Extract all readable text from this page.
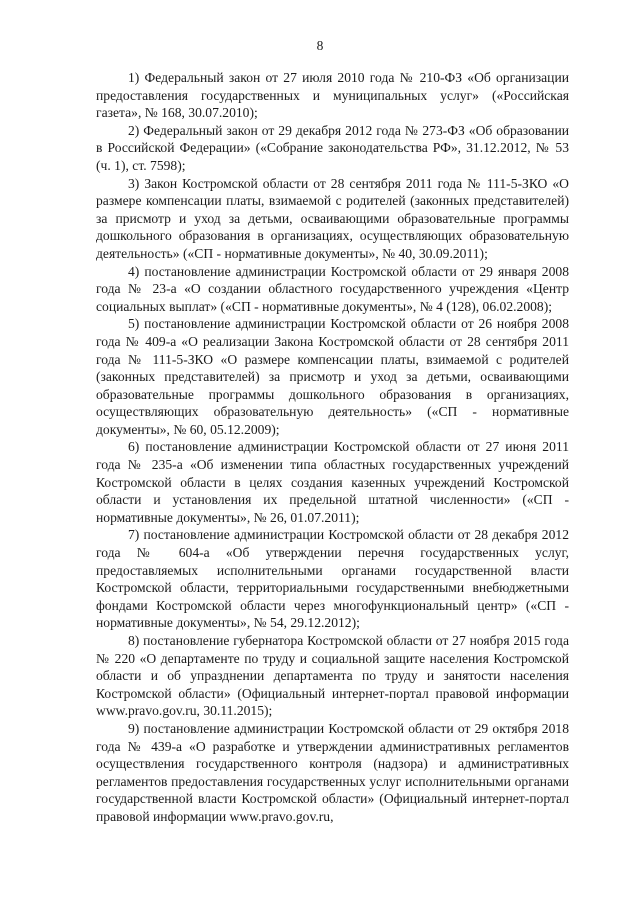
8

1) Федеральный закон от 27 июля 2010 года № 210-ФЗ «Об организации предоставления государственных и муниципальных услуг» («Российская газета», № 168, 30.07.2010);

2) Федеральный закон от 29 декабря 2012 года № 273-ФЗ «Об образовании в Российской Федерации» («Собрание законодательства РФ», 31.12.2012, № 53 (ч. 1), ст. 7598);

3) Закон Костромской области от 28 сентября 2011 года № 111-5-ЗКО «О размере компенсации платы, взимаемой с родителей (законных представителей) за присмотр и уход за детьми, осваивающими образовательные программы дошкольного образования в организациях, осуществляющих образовательную деятельность» («СП - нормативные документы», № 40, 30.09.2011);

4) постановление администрации Костромской области от 29 января 2008 года № 23-а «О создании областного государственного учреждения «Центр социальных выплат» («СП - нормативные документы», № 4 (128), 06.02.2008);

5) постановление администрации Костромской области от 26 ноября 2008 года № 409-а «О реализации Закона Костромской области от 28 сентября 2011 года № 111-5-ЗКО «О размере компенсации платы, взимаемой с родителей (законных представителей) за присмотр и уход за детьми, осваивающими образовательные программы дошкольного образования в организациях, осуществляющих образовательную деятельность» («СП - нормативные документы», № 60, 05.12.2009);

6) постановление администрации Костромской области от 27 июня 2011 года № 235-а «Об изменении типа областных государственных учреждений Костромской области в целях создания казенных учреждений Костромской области и установления их предельной штатной численности» («СП - нормативные документы», № 26, 01.07.2011);

7) постановление администрации Костромской области от 28 декабря 2012 года № 604-а «Об утверждении перечня государственных услуг, предоставляемых исполнительными органами государственной власти Костромской области, территориальными государственными внебюджетными фондами Костромской области через многофункциональный центр» («СП - нормативные документы», № 54, 29.12.2012);

8) постановление губернатора Костромской области от 27 ноября 2015 года № 220 «О департаменте по труду и социальной защите населения Костромской области и об упразднении департамента по труду и занятости населения Костромской области» (Официальный интернет-портал правовой информации www.pravo.gov.ru, 30.11.2015);

9) постановление администрации Костромской области от 29 октября 2018 года № 439-а «О разработке и утверждении административных регламентов осуществления государственного контроля (надзора) и административных регламентов предоставления государственных услуг исполнительными органами государственной власти Костромской области» (Официальный интернет-портал правовой информации www.pravo.gov.ru,
